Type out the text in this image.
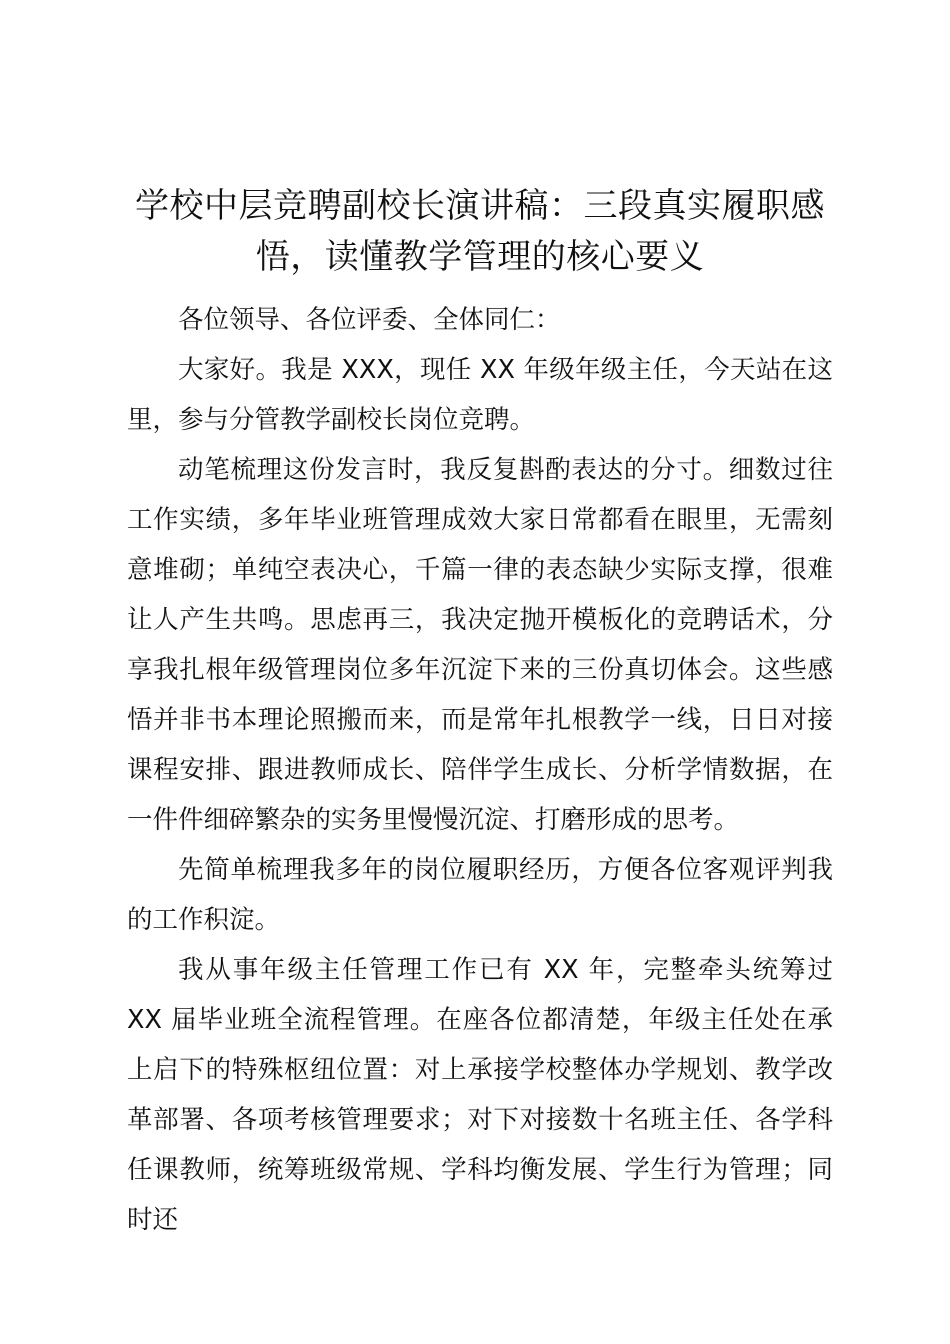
学校中层竞聘副校长演讲稿：三段真实履职感悟，读懂教学管理的核心要义

各位领导、各位评委、全体同仁：

大家好。我是 XXX，现任 XX 年级年级主任，今天站在这里，参与分管教学副校长岗位竞聘。

动笔梳理这份发言时，我反复斟酌表达的分寸。细数过往工作实绩，多年毕业班管理成效大家日常都看在眼里，无需刻意堆砌；单纯空表决心，千篇一律的表态缺少实际支撑，很难让人产生共鸣。思虑再三，我决定抛开模板化的竞聘话术，分享我扎根年级管理岗位多年沉淀下来的三份真切体会。这些感悟并非书本理论照搬而来，而是常年扎根教学一线，日日对接课程安排、跟进教师成长、陪伴学生成长、分析学情数据，在一件件细碎繁杂的实务里慢慢沉淀、打磨形成的思考。

先简单梳理我多年的岗位履职经历，方便各位客观评判我的工作积淀。

我从事年级主任管理工作已有 XX 年，完整牵头统筹过 XX 届毕业班全流程管理。在座各位都清楚，年级主任处在承上启下的特殊枢纽位置：对上承接学校整体办学规划、教学改革部署、各项考核管理要求；对下对接数十名班主任、各学科任课教师，统筹班级常规、学科均衡发展、学生行为管理；同时还
